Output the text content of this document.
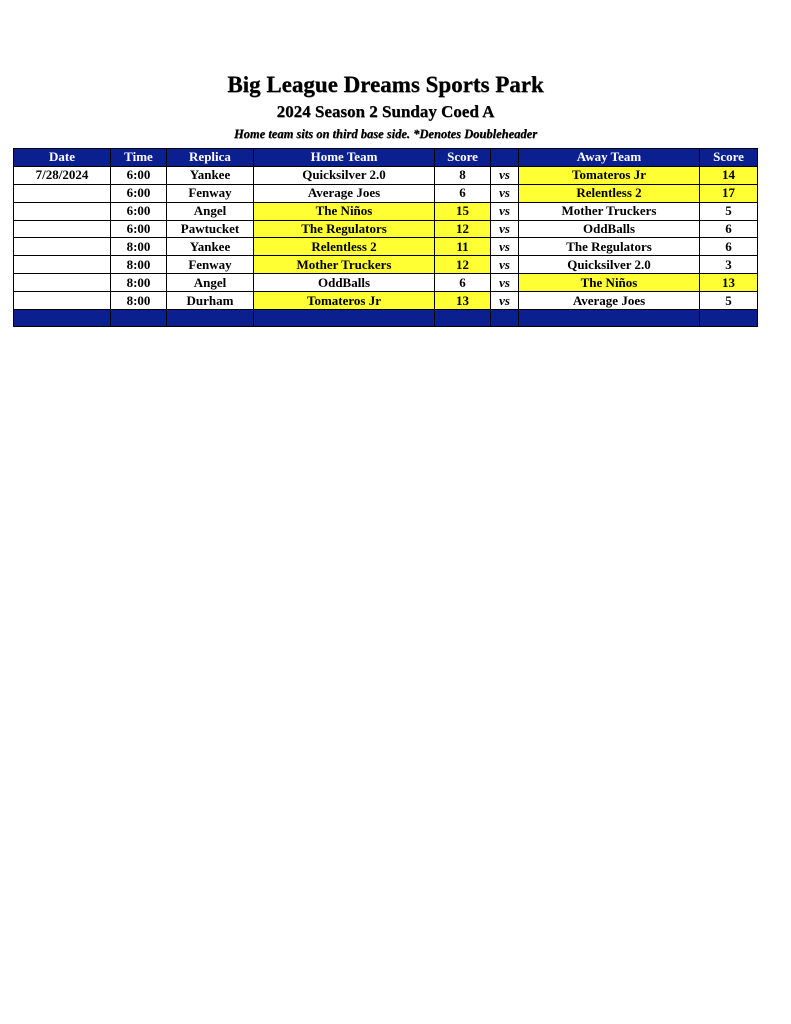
Big League Dreams Sports Park
2024 Season 2 Sunday Coed A
Home team sits on third base side. *Denotes Doubleheader
Date	Time	Replica	Home Team	Score		Away Team	Score
7/28/2024	6:00	Yankee	Quicksilver 2.0	8	vs	Tomateros Jr	14
	6:00	Fenway	Average Joes	6	vs	Relentless 2	17
	6:00	Angel	The Niños	15	vs	Mother Truckers	5
	6:00	Pawtucket	The Regulators	12	vs	OddBalls	6
	8:00	Yankee	Relentless 2	11	vs	The Regulators	6
	8:00	Fenway	Mother Truckers	12	vs	Quicksilver 2.0	3
	8:00	Angel	OddBalls	6	vs	The Niños	13
	8:00	Durham	Tomateros Jr	13	vs	Average Joes	5
